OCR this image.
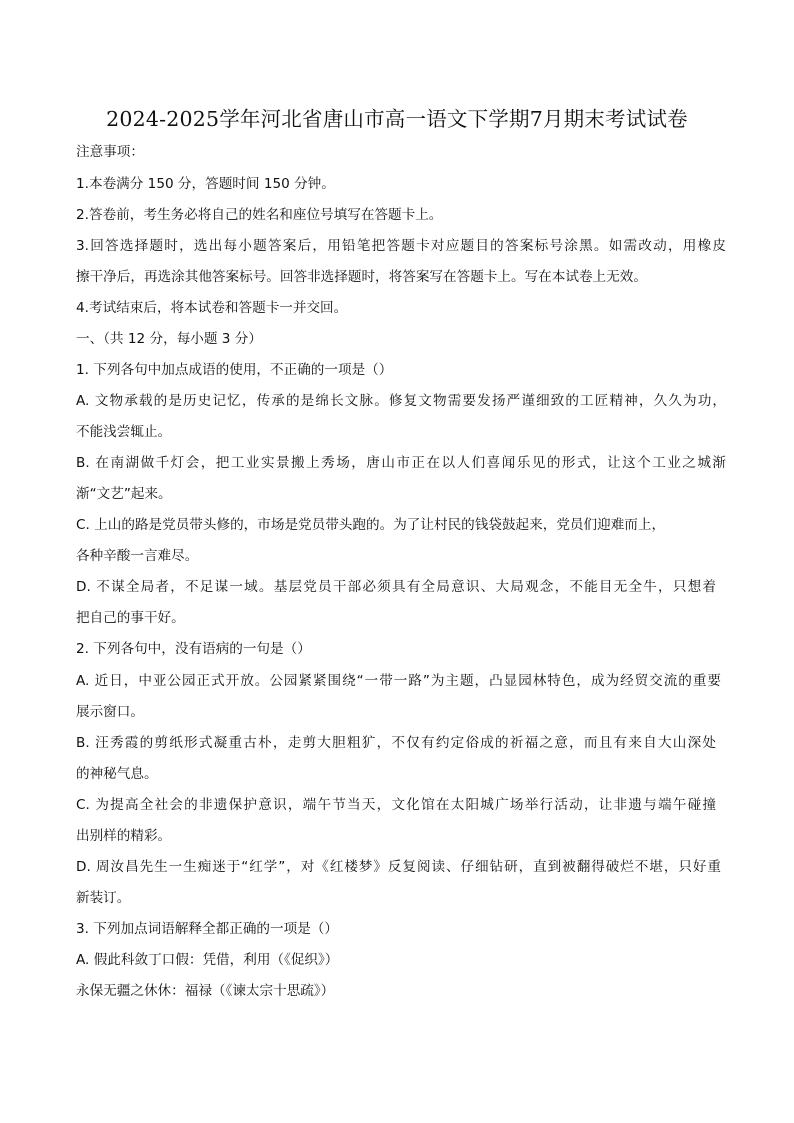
2024-2025学年河北省唐山市高一语文下学期7月期末考试试卷
注意事项：
1.本卷满分 150 分，答题时间 150 分钟。
2.答卷前，考生务必将自己的姓名和座位号填写在答题卡上。
3.回答选择题时，选出每小题答案后，用铅笔把答题卡对应题目的答案标号涂黑。如需改动，用橡皮
擦干净后，再选涂其他答案标号。回答非选择题时，将答案写在答题卡上。写在本试卷上无效。
4.考试结束后，将本试卷和答题卡一并交回。
一、（共 12 分，每小题 3 分）
1. 下列各句中加点成语的使用，不正确的一项是（）
A. 文物承载的是历史记忆，传承的是绵长文脉。修复文物需要发扬严谨细致的工匠精神，久久为功，
不能浅尝辄止。
B. 在南湖做千灯会，把工业实景搬上秀场，唐山市正在以人们喜闻乐见的形式，让这个工业之城渐
渐“文艺”起来。
C. 上山的路是党员带头修的，市场是党员带头跑的。为了让村民的钱袋鼓起来，党员们迎难而上，
各种辛酸一言难尽。
D. 不谋全局者，不足谋一域。基层党员干部必须具有全局意识、大局观念，不能目无全牛，只想着
把自己的事干好。
2. 下列各句中，没有语病的一句是（）
A. 近日，中亚公园正式开放。公园紧紧围绕“一带一路”为主题，凸显园林特色，成为经贸交流的重要
展示窗口。
B. 汪秀霞的剪纸形式凝重古朴，走剪大胆粗犷，不仅有约定俗成的祈福之意，而且有来自大山深处
的神秘气息。
C. 为提高全社会的非遗保护意识，端午节当天，文化馆在太阳城广场举行活动，让非遗与端午碰撞
出别样的精彩。
D. 周汝昌先生一生痴迷于“红学”，对《红楼梦》反复阅读、仔细钻研，直到被翻得破烂不堪，只好重
新装订。
3. 下列加点词语解释全都正确的一项是（）
A. 假此科敛丁口假：凭借，利用（《促织》）
永保无疆之休休：福禄（《谏太宗十思疏》）
